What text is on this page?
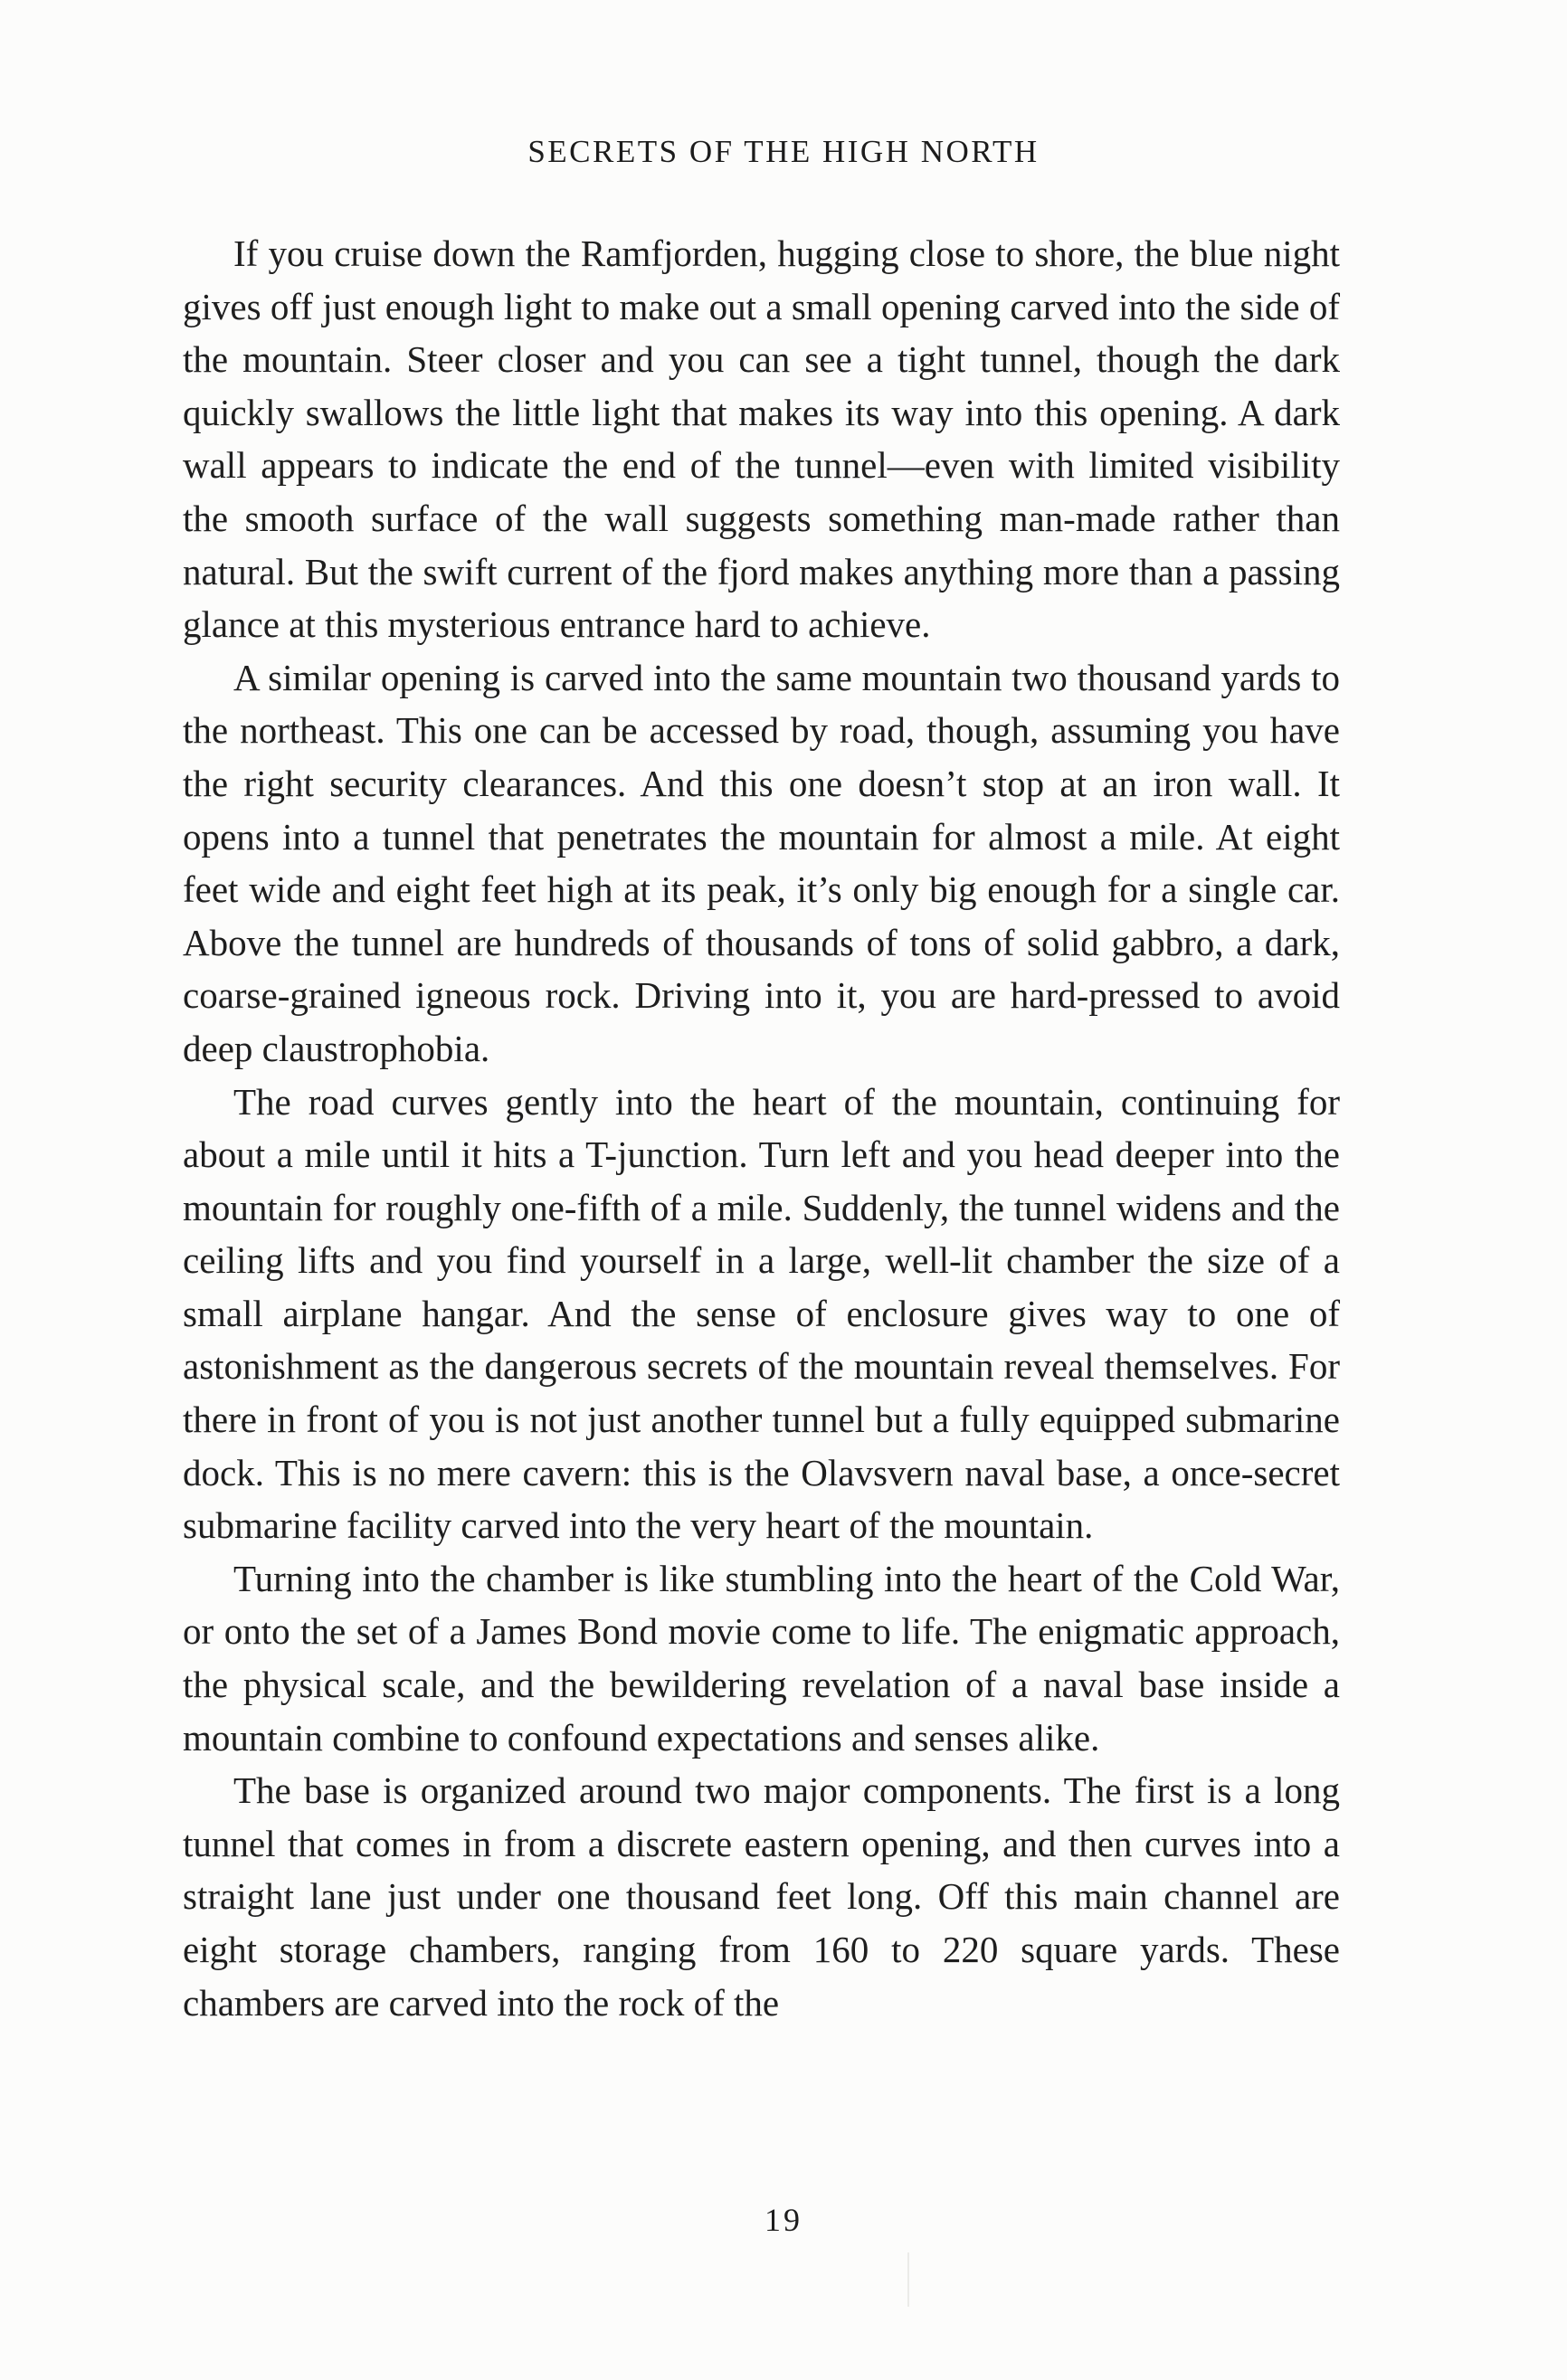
SECRETS OF THE HIGH NORTH

If you cruise down the Ramfjorden, hugging close to shore, the blue night gives off just enough light to make out a small opening carved into the side of the mountain. Steer closer and you can see a tight tunnel, though the dark quickly swallows the little light that makes its way into this opening. A dark wall appears to indicate the end of the tunnel—even with limited visibility the smooth surface of the wall suggests something man-made rather than natural. But the swift current of the fjord makes anything more than a passing glance at this mysterious entrance hard to achieve.

A similar opening is carved into the same mountain two thousand yards to the northeast. This one can be accessed by road, though, assuming you have the right security clearances. And this one doesn’t stop at an iron wall. It opens into a tunnel that penetrates the mountain for almost a mile. At eight feet wide and eight feet high at its peak, it’s only big enough for a single car. Above the tunnel are hundreds of thousands of tons of solid gabbro, a dark, coarse-grained igneous rock. Driving into it, you are hard-pressed to avoid deep claustrophobia.

The road curves gently into the heart of the mountain, continuing for about a mile until it hits a T-junction. Turn left and you head deeper into the mountain for roughly one-fifth of a mile. Suddenly, the tunnel widens and the ceiling lifts and you find yourself in a large, well-lit chamber the size of a small airplane hangar. And the sense of enclosure gives way to one of astonishment as the dangerous secrets of the mountain reveal themselves. For there in front of you is not just another tunnel but a fully equipped submarine dock. This is no mere cavern: this is the Olavsvern naval base, a once-secret submarine facility carved into the very heart of the mountain.

Turning into the chamber is like stumbling into the heart of the Cold War, or onto the set of a James Bond movie come to life. The enigmatic approach, the physical scale, and the bewildering revelation of a naval base inside a mountain combine to confound expectations and senses alike.

The base is organized around two major components. The first is a long tunnel that comes in from a discrete eastern opening, and then curves into a straight lane just under one thousand feet long. Off this main channel are eight storage chambers, ranging from 160 to 220 square yards. These chambers are carved into the rock of the

19
